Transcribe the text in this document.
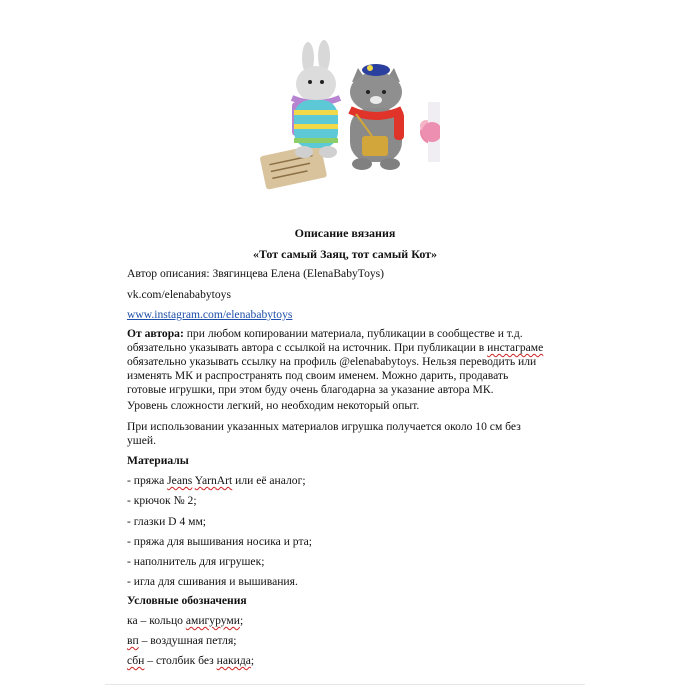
Описание вязания
«Тот самый Заяц, тот самый Кот»
Автор описания: Звягинцева Елена (ElenaBabyToys)
vk.com/elenababytoys
www.instagram.com/elenababytoys
От автора: при любом копировании материала, публикации в сообществе и т.д.
обязательно указывать автора с ссылкой на источник. При публикации в инстаграме
обязательно указывать ссылку на профиль @elenababytoys. Нельзя переводить или
изменять МК и распространять под своим именем. Можно дарить, продавать
готовые игрушки, при этом буду очень благодарна за указание автора МК.
Уровень сложности легкий, но необходим некоторый опыт.
При использовании указанных материалов игрушка получается около 10 см без
ушей.
Материалы
- пряжа Jeans YarnArt или её аналог;
- крючок № 2;
- глазки D 4 мм;
- пряжа для вышивания носика и рта;
- наполнитель для игрушек;
- игла для сшивания и вышивания.
Условные обозначения
ка – кольцо амигуруми;
вп – воздушная петля;
сбн – столбик без накида;
